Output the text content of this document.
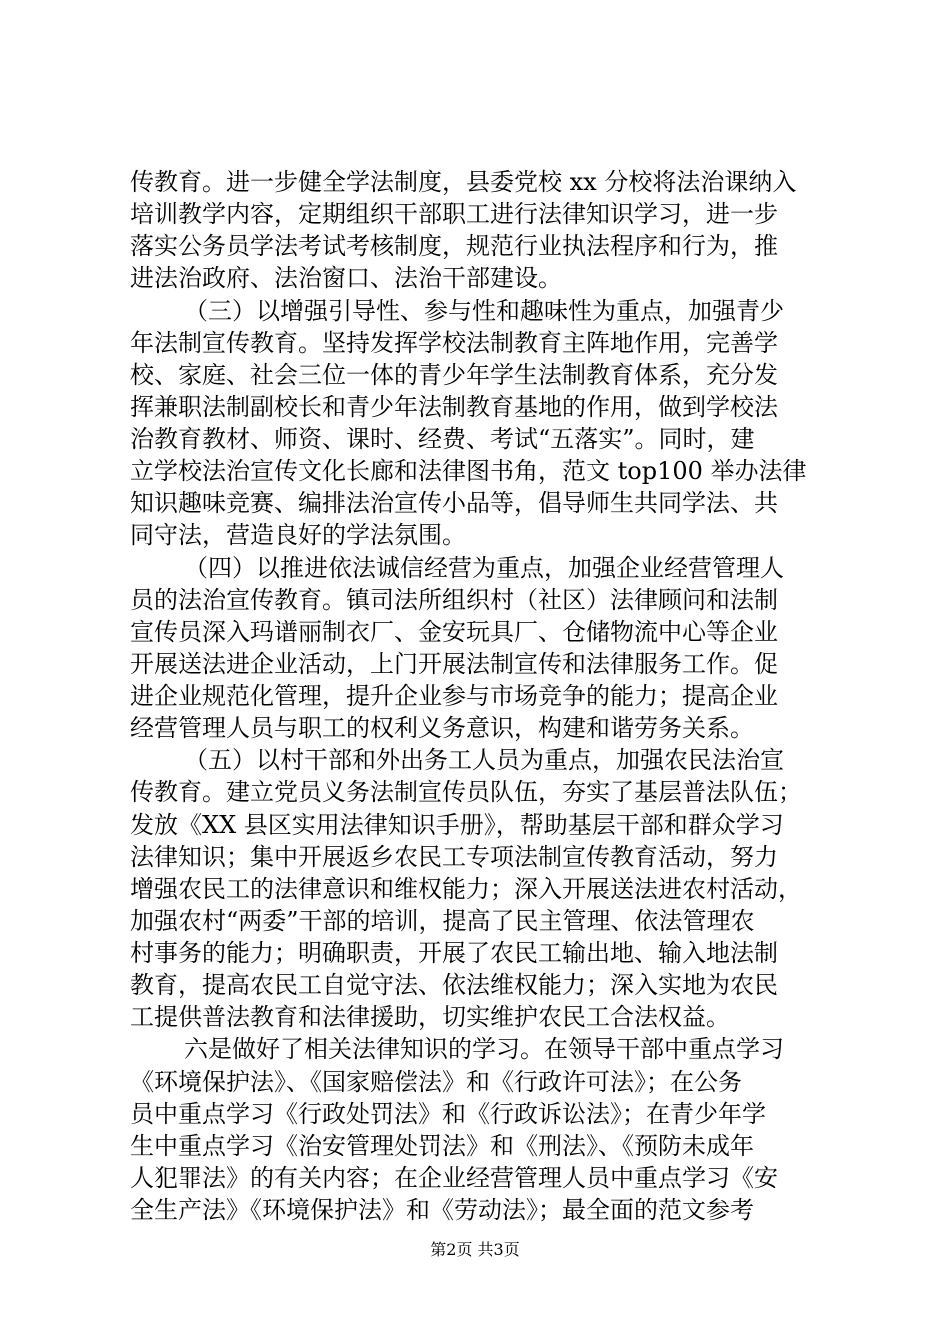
传教育。进一步健全学法制度，县委党校 xx 分校将法治课纳入
培训教学内容，定期组织干部职工进行法律知识学习，进一步
落实公务员学法考试考核制度，规范行业执法程序和行为，推
进法治政府、法治窗口、法治干部建设。
（三）以增强引导性、参与性和趣味性为重点，加强青少
年法制宣传教育。坚持发挥学校法制教育主阵地作用，完善学
校、家庭、社会三位一体的青少年学生法制教育体系，充分发
挥兼职法制副校长和青少年法制教育基地的作用，做到学校法
治教育教材、师资、课时、经费、考试“五落实”。同时，建
立学校法治宣传文化长廊和法律图书角，范文 top100 举办法律
知识趣味竞赛、编排法治宣传小品等，倡导师生共同学法、共
同守法，营造良好的学法氛围。
（四）以推进依法诚信经营为重点，加强企业经营管理人
员的法治宣传教育。镇司法所组织村（社区）法律顾问和法制
宣传员深入玛谱丽制衣厂、金安玩具厂、仓储物流中心等企业
开展送法进企业活动，上门开展法制宣传和法律服务工作。促
进企业规范化管理，提升企业参与市场竞争的能力；提高企业
经营管理人员与职工的权利义务意识，构建和谐劳务关系。
（五）以村干部和外出务工人员为重点，加强农民法治宣
传教育。建立党员义务法制宣传员队伍，夯实了基层普法队伍；
发放《XX 县区实用法律知识手册》，帮助基层干部和群众学习
法律知识；集中开展返乡农民工专项法制宣传教育活动，努力
增强农民工的法律意识和维权能力；深入开展送法进农村活动，
加强农村“两委”干部的培训，提高了民主管理、依法管理农
村事务的能力；明确职责，开展了农民工输出地、输入地法制
教育，提高农民工自觉守法、依法维权能力；深入实地为农民
工提供普法教育和法律援助，切实维护农民工合法权益。
六是做好了相关法律知识的学习。在领导干部中重点学习
《环境保护法》、《国家赔偿法》和《行政许可法》；在公务
员中重点学习《行政处罚法》和《行政诉讼法》；在青少年学
生中重点学习《治安管理处罚法》和《刑法》、《预防未成年
人犯罪法》的有关内容；在企业经营管理人员中重点学习《安
全生产法》《环境保护法》和《劳动法》；最全面的范文参考
第2页 共3页
